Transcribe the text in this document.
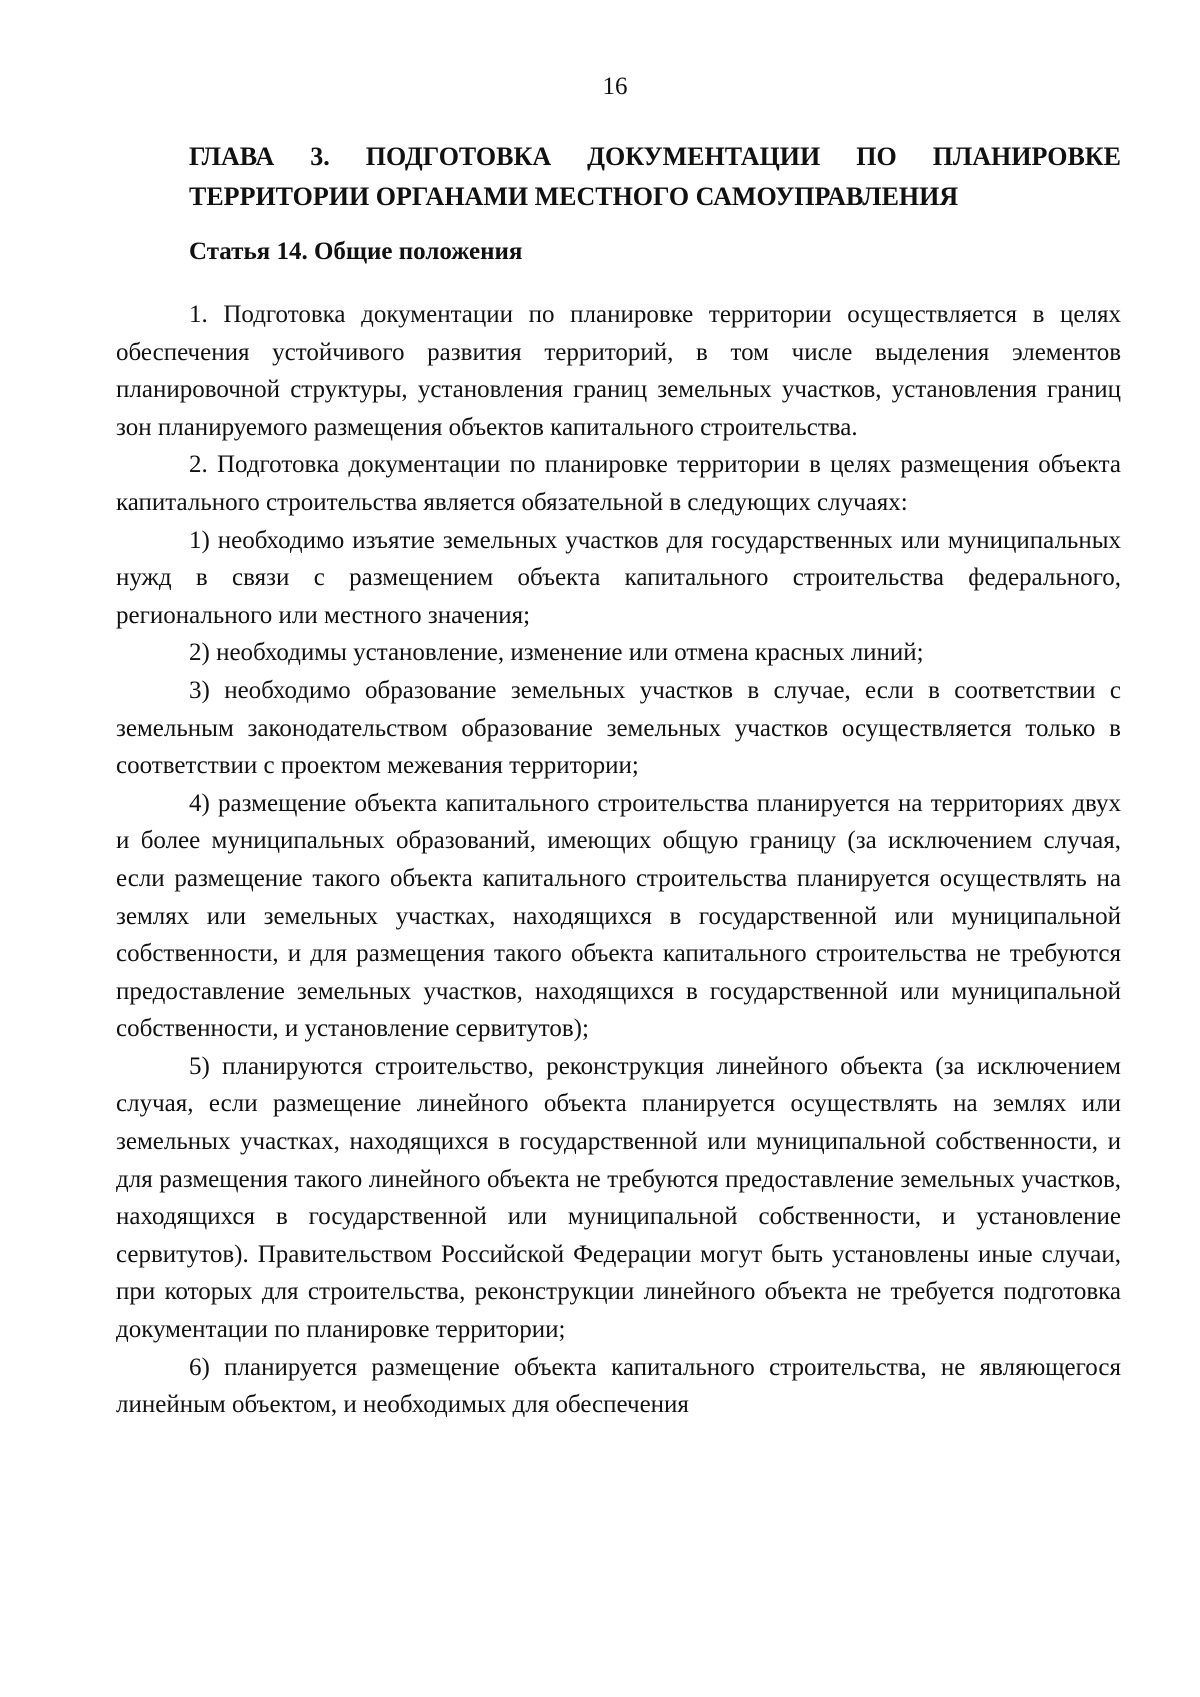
16
ГЛАВА 3. ПОДГОТОВКА ДОКУМЕНТАЦИИ ПО ПЛАНИРОВКЕ
ТЕРРИТОРИИ ОРГАНАМИ МЕСТНОГО САМОУПРАВЛЕНИЯ
Статья 14. Общие положения

1. Подготовка документации по планировке территории осуществляется в целях обеспечения устойчивого развития территорий, в том числе выделения элементов планировочной структуры, установления границ земельных участков, установления границ зон планируемого размещения объектов капитального строительства.

2. Подготовка документации по планировке территории в целях размещения объекта капитального строительства является обязательной в следующих случаях:

1) необходимо изъятие земельных участков для государственных или муниципальных нужд в связи с размещением объекта капитального строительства федерального, регионального или местного значения;

2) необходимы установление, изменение или отмена красных линий;

3) необходимо образование земельных участков в случае, если в соответствии с земельным законодательством образование земельных участков осуществляется только в соответствии с проектом межевания территории;

4) размещение объекта капитального строительства планируется на территориях двух и более муниципальных образований, имеющих общую границу (за исключением случая, если размещение такого объекта капитального строительства планируется осуществлять на землях или земельных участках, находящихся в государственной или муниципальной собственности, и для размещения такого объекта капитального строительства не требуются предоставление земельных участков, находящихся в государственной или муниципальной собственности, и установление сервитутов);

5) планируются строительство, реконструкция линейного объекта (за исключением случая, если размещение линейного объекта планируется осуществлять на землях или земельных участках, находящихся в государственной или муниципальной собственности, и для размещения такого линейного объекта не требуются предоставление земельных участков, находящихся в государственной или муниципальной собственности, и установление сервитутов). Правительством Российской Федерации могут быть установлены иные случаи, при которых для строительства, реконструкции линейного объекта не требуется подготовка документации по планировке территории;

6) планируется размещение объекта капитального строительства, не являющегося линейным объектом, и необходимых для обеспечения
